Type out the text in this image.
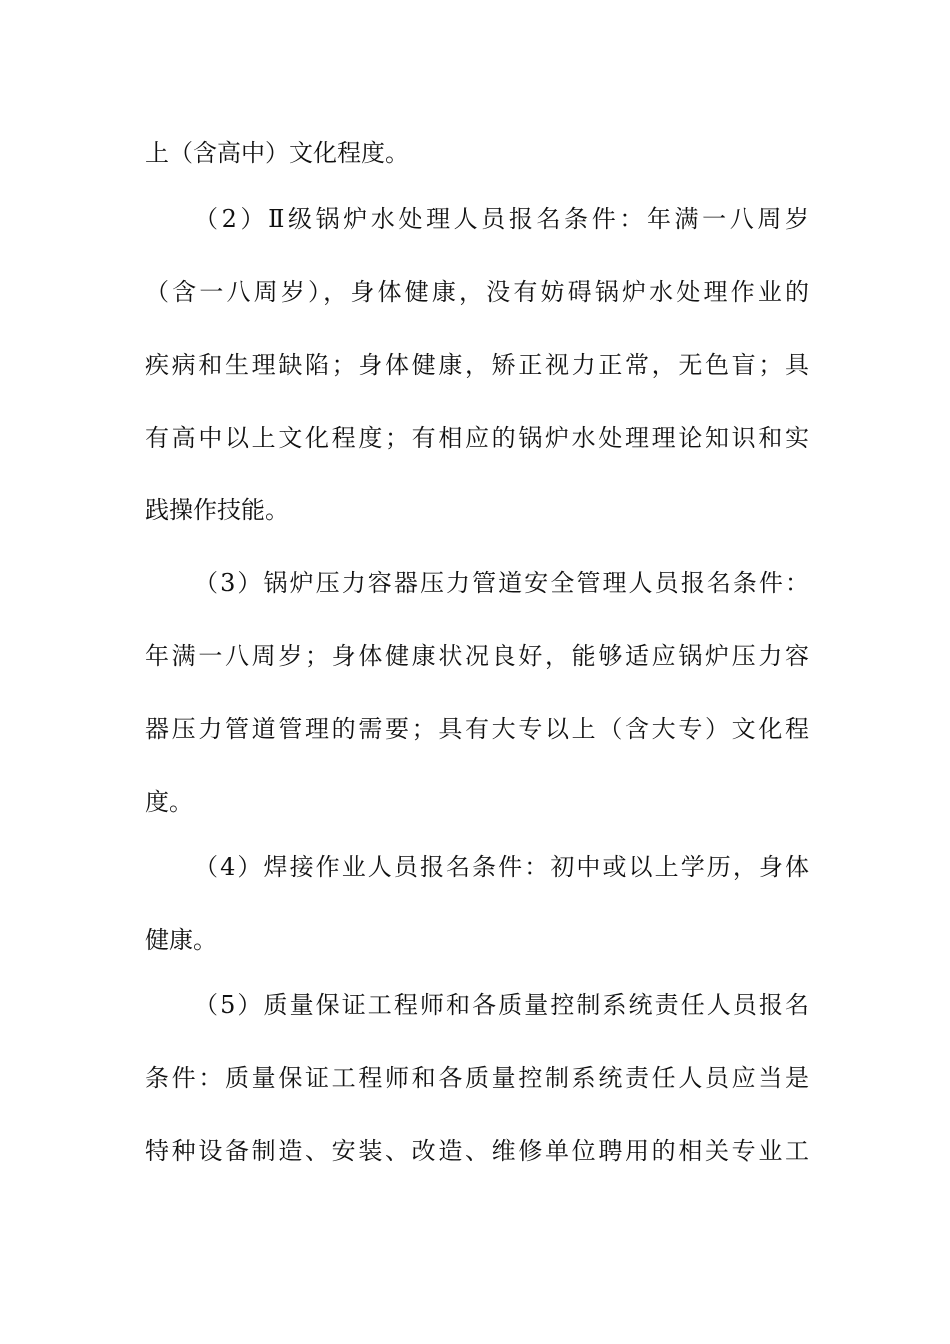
上（含高中）文化程度。
（2）Ⅱ级锅炉水处理人员报名条件：年满一八周岁
（含一八周岁），身体健康，没有妨碍锅炉水处理作业的
疾病和生理缺陷；身体健康，矫正视力正常，无色盲；具
有高中以上文化程度；有相应的锅炉水处理理论知识和实
践操作技能。
（3）锅炉压力容器压力管道安全管理人员报名条件：
年满一八周岁；身体健康状况良好，能够适应锅炉压力容
器压力管道管理的需要；具有大专以上（含大专）文化程
度。
（4）焊接作业人员报名条件：初中或以上学历，身体
健康。
（5）质量保证工程师和各质量控制系统责任人员报名
条件：质量保证工程师和各质量控制系统责任人员应当是
特种设备制造、安装、改造、维修单位聘用的相关专业工
